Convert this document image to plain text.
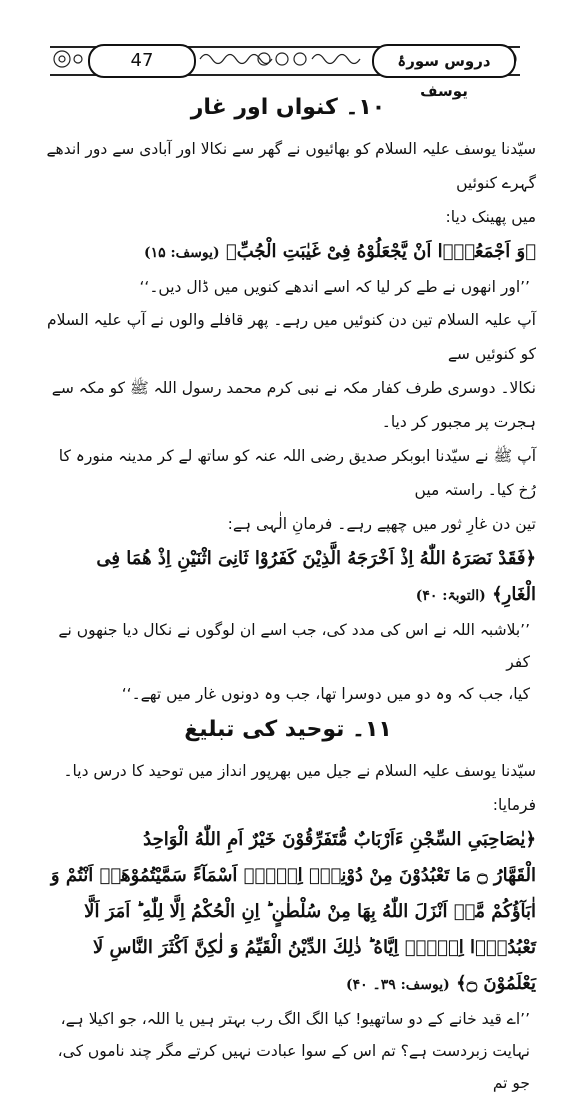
47	دروس سورۂ یوسف
۱۰۔ کنواں اور غار

سیّدنا یوسف علیہ السلام کو بھائیوں نے گھر سے نکالا اور آبادی سے دور اندھے گہرے کنوئیں

میں پھینک دیا:

﴿وَ اَجْمَعُوْۤا اَنْ یَّجْعَلُوْهُ فِیْ غَیٰبَتِ الْجُبِّ﴾ (یوسف: ۱۵)

’’اور انھوں نے طے کر لیا کہ اسے اندھے کنویں میں ڈال دیں۔‘‘

آپ علیہ السلام تین دن کنوئیں میں رہے۔ پھر قافلے والوں نے آپ علیہ السلام کو کنوئیں سے

نکالا۔ دوسری طرف کفار مکہ نے نبی کرم محمد رسول اللہ ﷺ کو مکہ سے ہجرت پر مجبور کر دیا۔

آپ ﷺ نے سیّدنا ابوبکر صدیق رضی اللہ عنہ کو ساتھ لے کر مدینہ منورہ کا رُخ کیا۔ راستہ میں

تین دن غارِ ثور میں چھپے رہے۔ فرمانِ الٰہی ہے:

﴿فَقَدْ نَصَرَهُ اللّٰهُ اِذْ اَخْرَجَهُ الَّذِیْنَ كَفَرُوْا ثَانِیَ اثْنَیْنِ اِذْ هُمَا فِی

الْغَارِ﴾ (التوبۃ: ۴۰)

’’بلاشبہ اللہ نے اس کی مدد کی، جب اسے ان لوگوں نے نکال دیا جنھوں نے کفر

کیا، جب کہ وہ دو میں دوسرا تھا، جب وہ دونوں غار میں تھے۔‘‘

۱۱۔ توحید کی تبلیغ

سیّدنا یوسف علیہ السلام نے جیل میں بھرپور انداز میں توحید کا درس دیا۔ فرمایا:

﴿یٰصَاحِبَیِ السِّجْنِ ءَاَرْبَابٌ مُّتَفَرِّقُوْنَ خَیْرٌ اَمِ اللّٰهُ الْوَاحِدُ

الْقَهَّارُ ۝ مَا تَعْبُدُوْنَ مِنْ دُوْنِهٖۤ اِلَّاۤ اَسْمَآءً سَمَّیْتُمُوْهَاۤ اَنْتُمْ وَ

اٰبَآؤُكُمْ مَّاۤ اَنْزَلَ اللّٰهُ بِهَا مِنْ سُلْطٰنٍ ؕ اِنِ الْحُكْمُ اِلَّا لِلّٰهِ ؕ اَمَرَ اَلَّا

تَعْبُدُوْۤا اِلَّاۤ اِیَّاهُ ؕ ذٰلِكَ الدِّیْنُ الْقَیِّمُ وَ لٰكِنَّ اَكْثَرَ النَّاسِ لَا

یَعْلَمُوْنَ ۝﴾ (یوسف: ۳۹۔ ۴۰)

’’اے قید خانے کے دو ساتھیو! کیا الگ الگ رب بہتر ہیں یا اللہ، جو اکیلا ہے،

نہایت زبردست ہے؟ تم اس کے سوا عبادت نہیں کرتے مگر چند ناموں کی، جو تم
